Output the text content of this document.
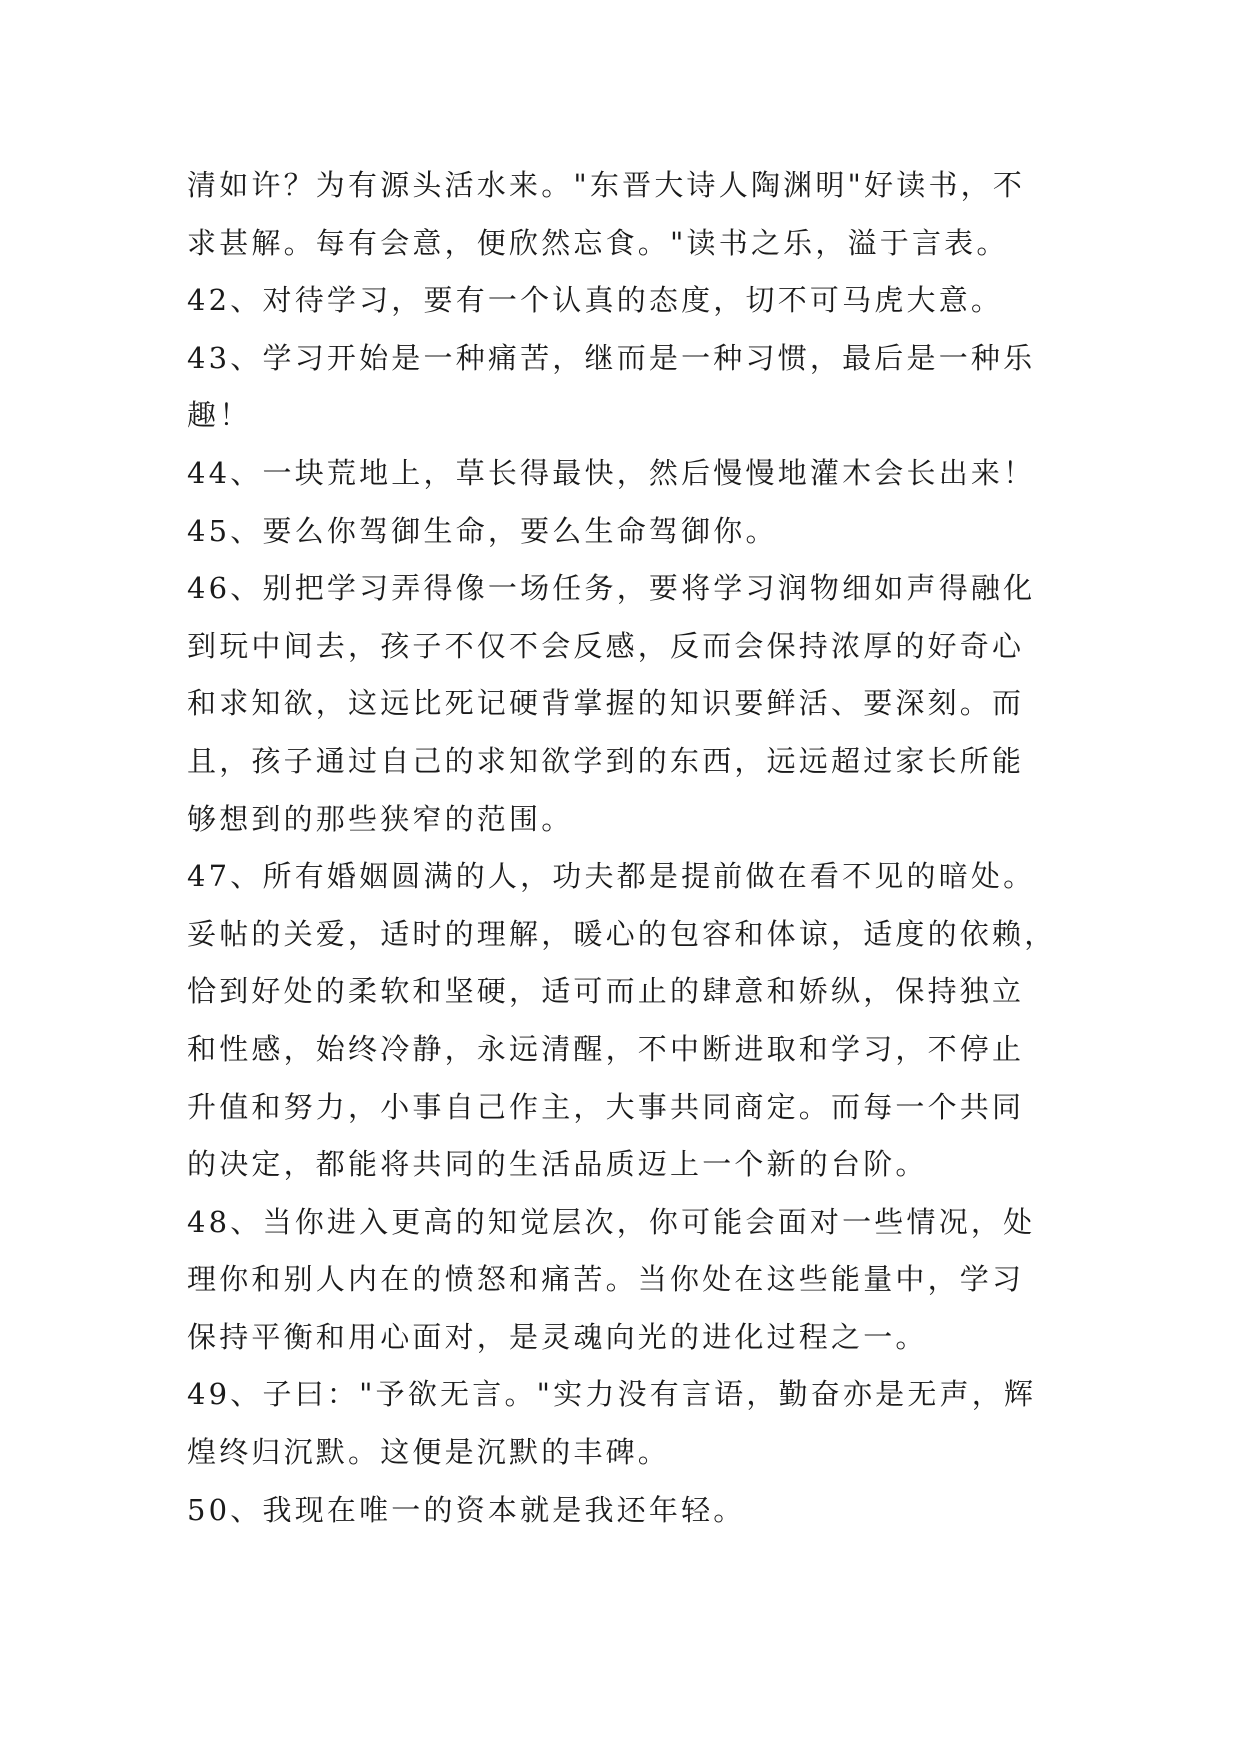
清如许？为有源头活水来。"东晋大诗人陶渊明"好读书，不
求甚解。每有会意，便欣然忘食。"读书之乐，溢于言表。
42、对待学习，要有一个认真的态度，切不可马虎大意。
43、学习开始是一种痛苦，继而是一种习惯，最后是一种乐
趣！
44、一块荒地上，草长得最快，然后慢慢地灌木会长出来！
45、要么你驾御生命，要么生命驾御你。
46、别把学习弄得像一场任务，要将学习润物细如声得融化
到玩中间去，孩子不仅不会反感，反而会保持浓厚的好奇心
和求知欲，这远比死记硬背掌握的知识要鲜活、要深刻。而
且，孩子通过自己的求知欲学到的东西，远远超过家长所能
够想到的那些狭窄的范围。
47、所有婚姻圆满的人，功夫都是提前做在看不见的暗处。
妥帖的关爱，适时的理解，暖心的包容和体谅，适度的依赖，
恰到好处的柔软和坚硬，适可而止的肆意和娇纵，保持独立
和性感，始终冷静，永远清醒，不中断进取和学习，不停止
升值和努力，小事自己作主，大事共同商定。而每一个共同
的决定，都能将共同的生活品质迈上一个新的台阶。
48、当你进入更高的知觉层次，你可能会面对一些情况，处
理你和别人内在的愤怒和痛苦。当你处在这些能量中，学习
保持平衡和用心面对，是灵魂向光的进化过程之一。
49、子曰："予欲无言。"实力没有言语，勤奋亦是无声，辉
煌终归沉默。这便是沉默的丰碑。
50、我现在唯一的资本就是我还年轻。
